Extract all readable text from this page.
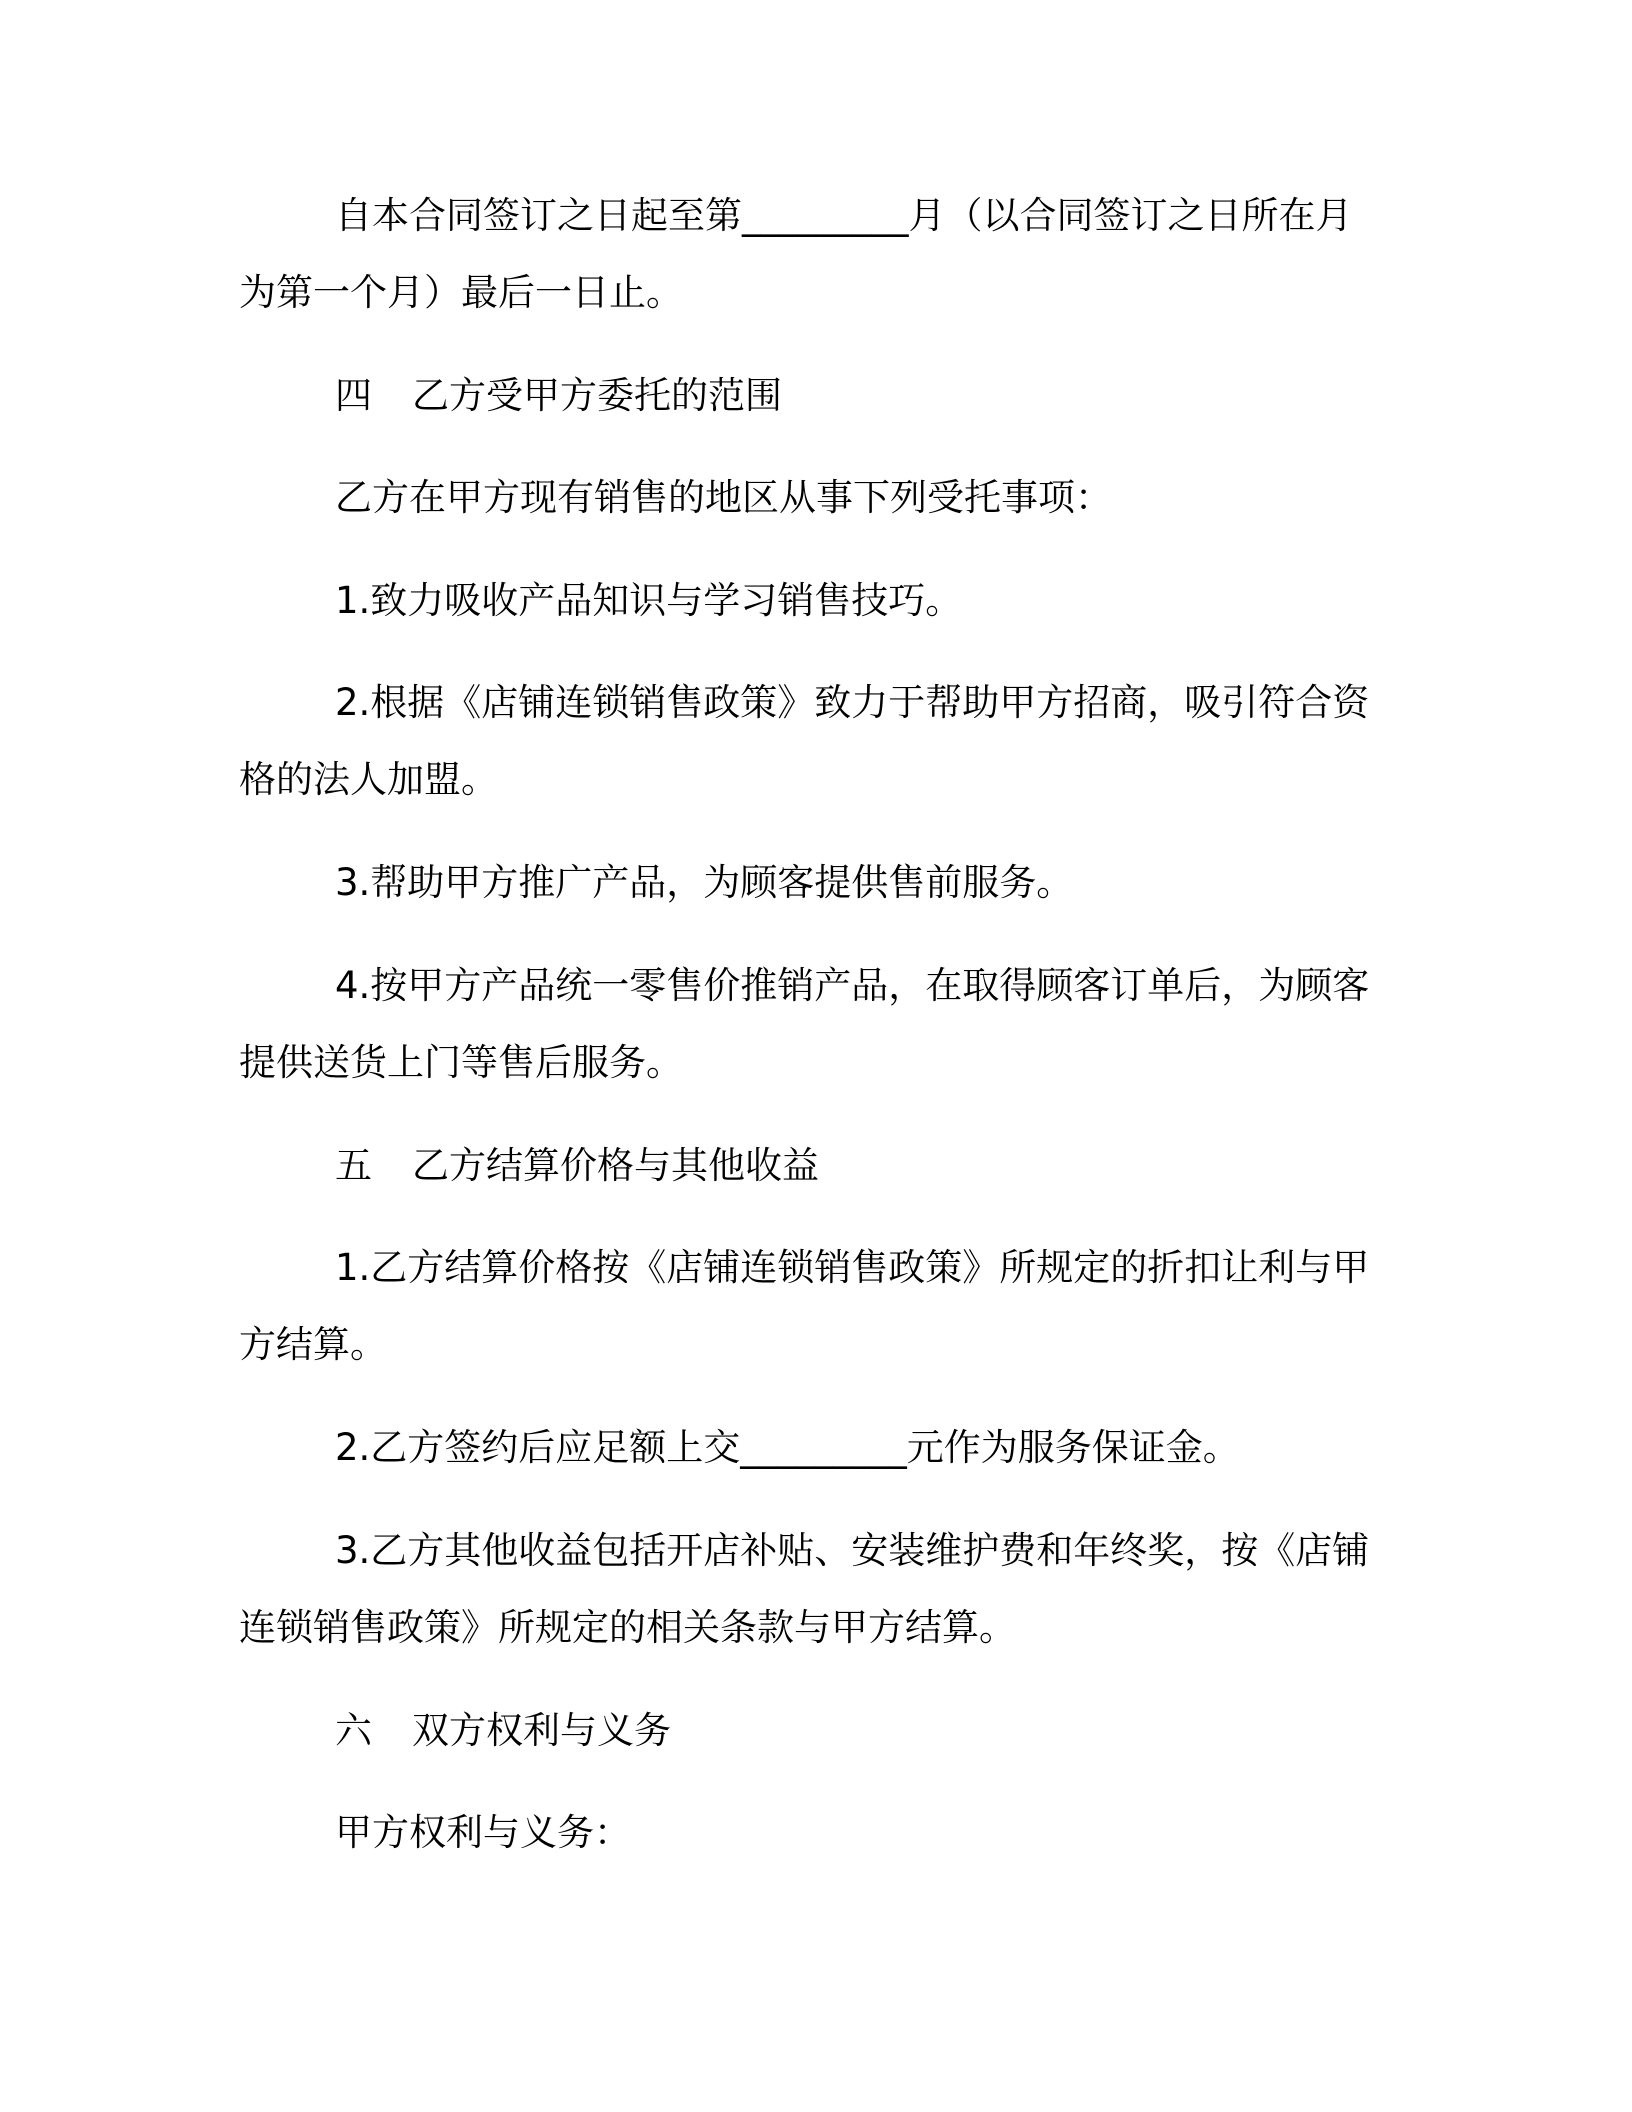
自本合同签订之日起至第_________月（以合同签订之日所在月
为第一个月）最后一日止。

四 乙方受甲方委托的范围

乙方在甲方现有销售的地区从事下列受托事项：

1.致力吸收产品知识与学习销售技巧。

2.根据《店铺连锁销售政策》致力于帮助甲方招商，吸引符合资
格的法人加盟。

3.帮助甲方推广产品，为顾客提供售前服务。

4.按甲方产品统一零售价推销产品，在取得顾客订单后，为顾客
提供送货上门等售后服务。

五 乙方结算价格与其他收益

1.乙方结算价格按《店铺连锁销售政策》所规定的折扣让利与甲
方结算。

2.乙方签约后应足额上交_________元作为服务保证金。

3.乙方其他收益包括开店补贴、安装维护费和年终奖，按《店铺
连锁销售政策》所规定的相关条款与甲方结算。

六 双方权利与义务

甲方权利与义务：
